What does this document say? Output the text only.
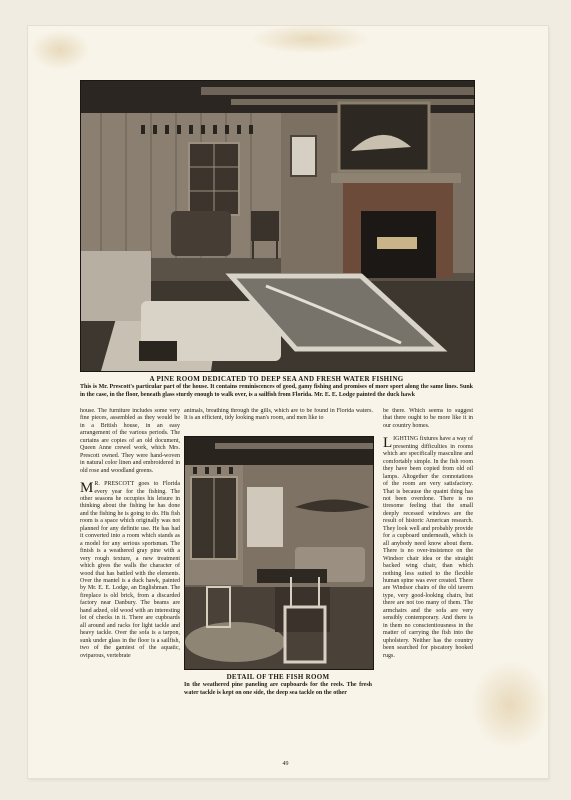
A PINE ROOM DEDICATED TO DEEP SEA AND FRESH WATER FISHING

This is Mr. Prescott's particular part of the house. It contains reminiscences of good, gamy fishing and promises of more sport along the same lines. Sunk in the case, in the floor, beneath glass sturdy enough to walk over, is a sailfish from Florida. Mr. E. E. Lodge painted the duck hawk

house. The furniture includes some very fine pieces, assembled as they would be in a British house, in an easy arrangement of the various periods. The curtains are copies of an old document, Queen Anne crewel work, which Mrs. Prescott owned. They were hand-woven in natural color linen and embroidered in old rose and woodland greens.

M R. PRESCOTT goes to Florida every year for the fishing. The other seasons he occupies his leisure in thinking about the fishing he has done and the fishing he is going to do. His fish room is a space which originally was not planned for any definite use. He has had it converted into a room which stands as a model for any serious sportsman. The finish is a weathered gray pine with a very rough texture, a new treatment which gives the walls the character of wood that has battled with the elements. Over the mantel is a duck hawk, painted by Mr. E. E. Lodge, an Englishman. The fireplace is old brick, from a discarded factory near Danbury. The beams are hand adzed, old wood with an interesting lot of checks in it. There are cupboards all around and racks for light tackle and heavy tackle. Over the sofa is a tarpon, sunk under glass in the floor is a sailfish, two of the gamiest of the aquatic, oviparous, vertebrate

animals, breathing through the gills, which are to be found in Florida waters. It is an efficient, tidy looking man's room, and men like to

DETAIL OF THE FISH ROOM

In the weathered pine paneling are cupboards for the reels. The fresh water tackle is kept on one side, the deep sea tackle on the other

be there. Which seems to suggest that there ought to be more like it in our country homes.

LIGHTING fixtures have a way of presenting difficulties in rooms which are specifically masculine and comfortably simple. In the fish room they have been copied from old oil lamps. Altogether the connotations of the room are very satisfactory. That is because the quaint thing has not been overdone. There is no tiresome feeling that the small deeply recessed windows are the result of historic American research. They look well and probably provide for a cupboard underneath, which is all anybody need know about them. There is no over-insistence on the Windsor chair idea or the straight backed wing chair, than which nothing less suited to the flexible human spine was ever created. There are Windsor chairs of the old tavern type, very good-looking chairs, but there are not too many of them. The armchairs and the sofa are very sensibly contemporary. And there is in them no conscientiousness in the matter of carrying the fish into the upholstery. Neither has the country been searched for piscatory hooked rugs.

49
